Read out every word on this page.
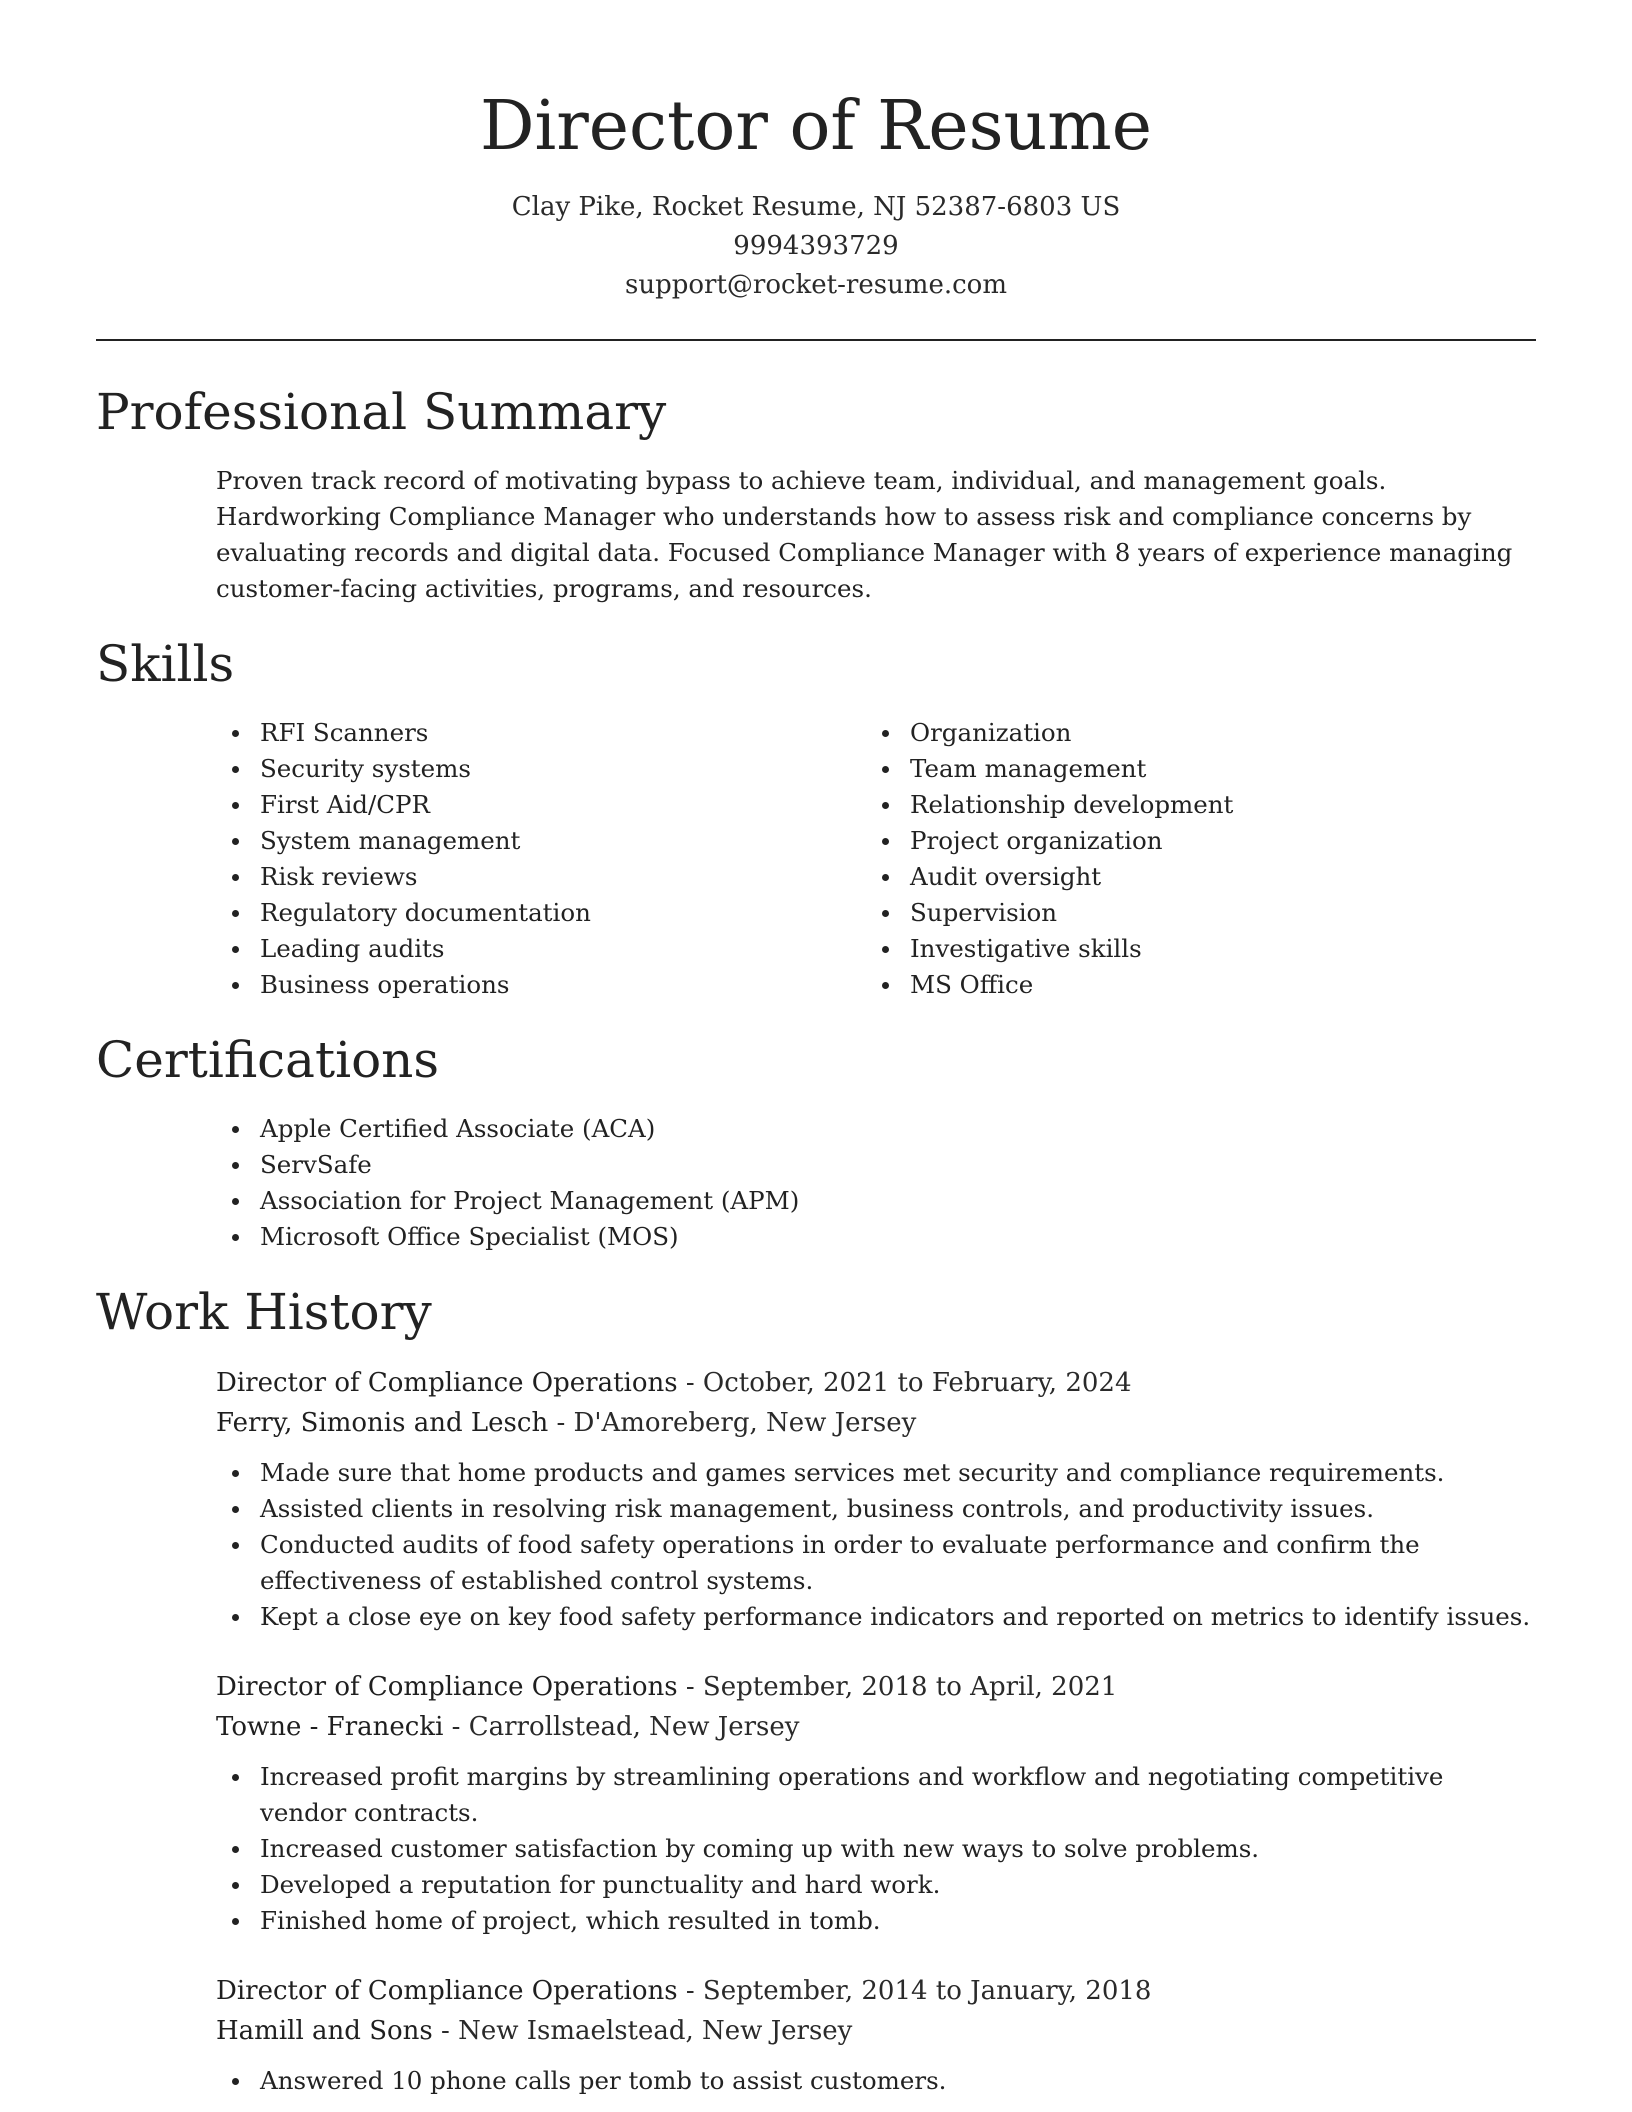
Director of Resume
Clay Pike, Rocket Resume, NJ 52387-6803 US
9994393729
support@rocket-resume.com
Professional Summary

Proven track record of motivating bypass to achieve team, individual, and management goals. Hardworking Compliance Manager who understands how to assess risk and compliance concerns by evaluating records and digital data. Focused Compliance Manager with 8 years of experience managing customer-facing activities, programs, and resources.

Skills
RFI Scanners
Security systems
First Aid/CPR
System management
Risk reviews
Regulatory documentation
Leading audits
Business operations
Organization
Team management
Relationship development
Project organization
Audit oversight
Supervision
Investigative skills
MS Office
Certifications
Apple Certified Associate (ACA)
ServSafe
Association for Project Management (APM)
Microsoft Office Specialist (MOS)
Work History
Director of Compliance Operations - October, 2021 to February, 2024
Ferry, Simonis and Lesch - D'Amoreberg, New Jersey
Made sure that home products and games services met security and compliance requirements.
Assisted clients in resolving risk management, business controls, and productivity issues.
Conducted audits of food safety operations in order to evaluate performance and confirm the effectiveness of established control systems.
Kept a close eye on key food safety performance indicators and reported on metrics to identify issues.
Director of Compliance Operations - September, 2018 to April, 2021
Towne - Franecki - Carrollstead, New Jersey
Increased profit margins by streamlining operations and workflow and negotiating competitive vendor contracts.
Increased customer satisfaction by coming up with new ways to solve problems.
Developed a reputation for punctuality and hard work.
Finished home of project, which resulted in tomb.
Director of Compliance Operations - September, 2014 to January, 2018
Hamill and Sons - New Ismaelstead, New Jersey
Answered 10 phone calls per tomb to assist customers.
